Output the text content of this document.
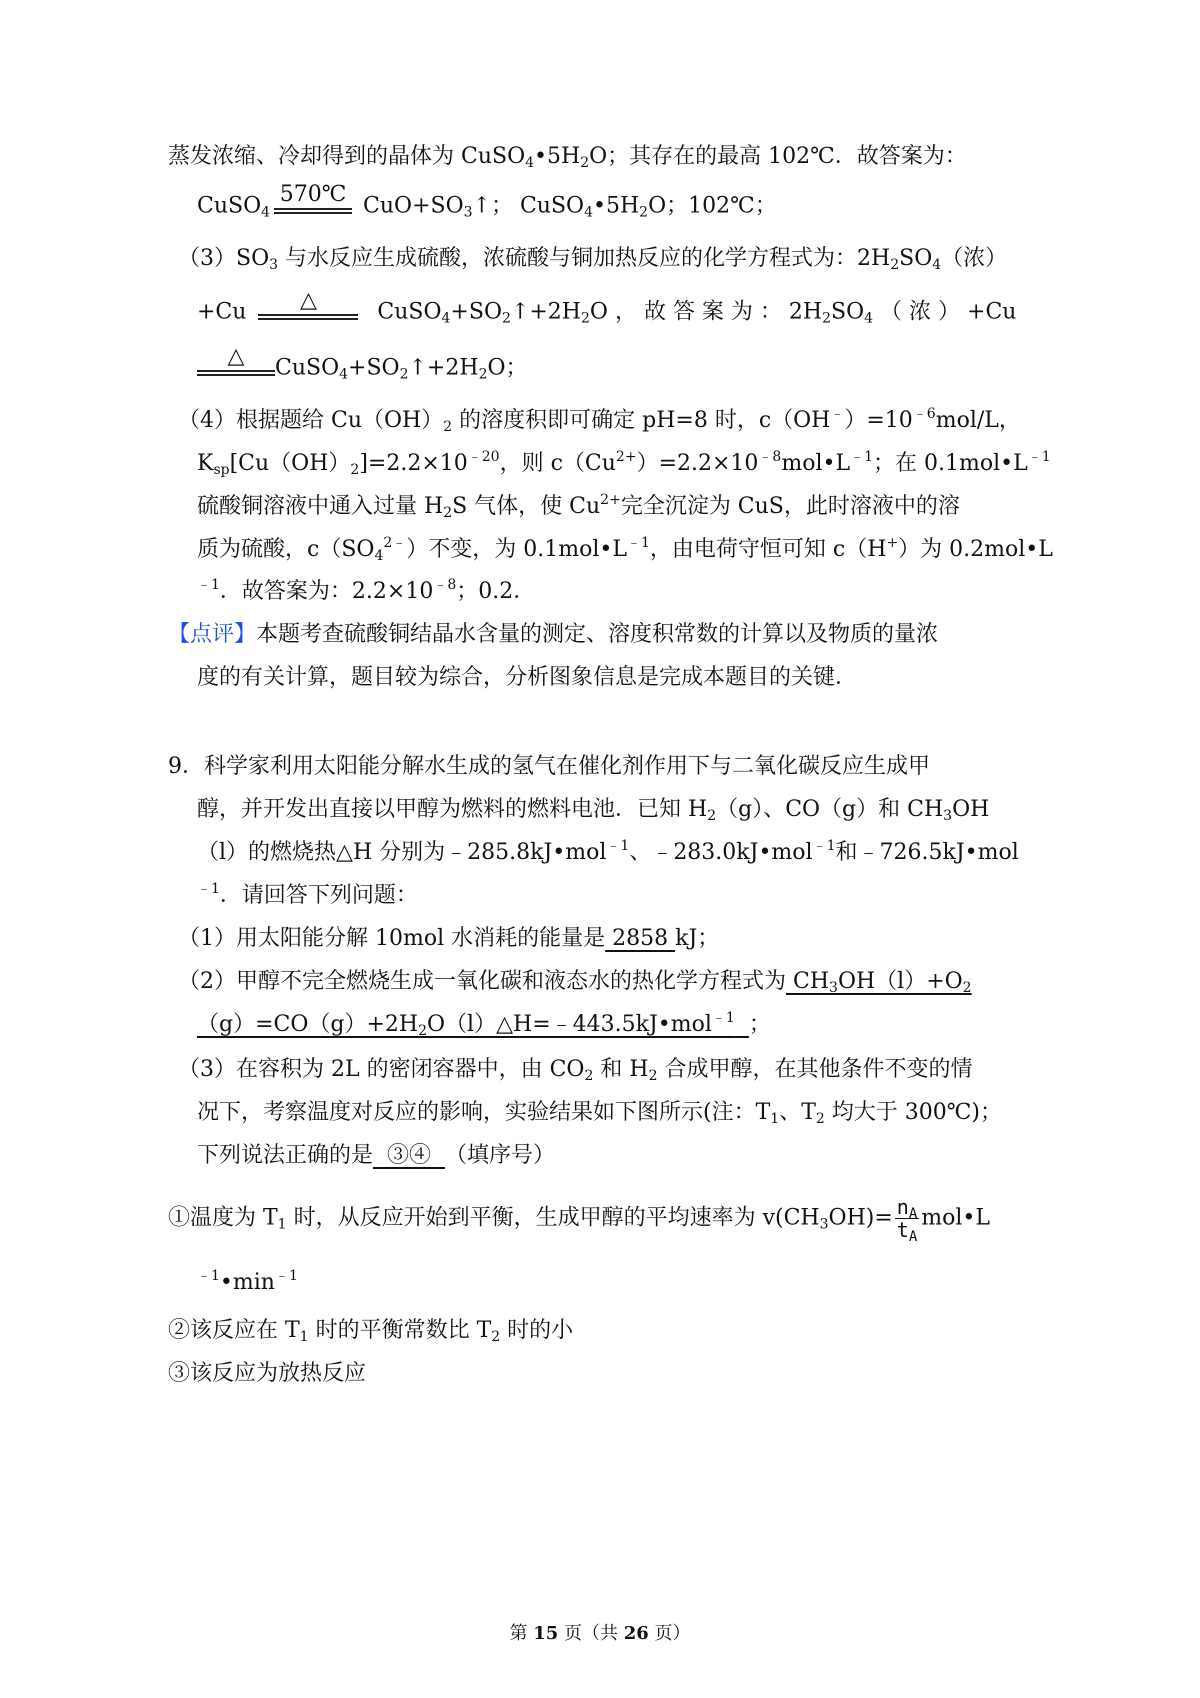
蒸发浓缩、冷却得到的晶体为 $CuSO_4•5H_2O$；其存在的最高 102℃．故答案为：
CuSO$_4$
570℃ $CuO+SO_3↑$； $CuSO_4•5H_2O$；102℃；
$(3)SO_3$ 与水反应生成硫酸，浓硫酸与铜加热反应的化学方程式为：$2H_2SO_4$（浓）
+Cu	△	$CuSO_4+SO_2↑+2H_2O$ ， 故 答 案 为 ： $2H_2SO_4$ （ 浓 ） +Cu
△	$CuSO_4+SO_2↑+2H_2O$；
（4）根据题给 $Cu(OH)_2$ 的溶度积即可确定 pH=8 时，$c(OH^﹣)=10^{﹣6}mol/L$，
$K_{sp}[Cu(OH)_2]=2.2\times 10^{﹣20}$，则 $c(Cu^{2+})=2.2\times 10^{﹣8}mol•L^{﹣1}$；在 $0.1mol•L^{﹣1}$
硫酸铜溶液中通入过量 $H_2S$ 气体，使 $Cu^{2+}$完全沉淀为 CuS，此时溶液中的溶
质为硫酸，$c(SO_4^{2﹣})$不变，为 $0.1mol•L^{﹣1}$，由电荷守恒可知 c（H+）为 0.2mol•L
$^{﹣1}$．故答案为：$2.2\times 10^{﹣8}$；0.2．
【点评】本题考查硫酸铜结晶水含量的测定、溶度积常数的计算以及物质的量浓
度的有关计算，题目较为综合，分析图象信息是完成本题目的关键．
9．科学家利用太阳能分解水生成的氢气在催化剂作用下与二氧化碳反应生成甲
醇，并开发出直接以甲醇为燃料的燃料电池．已知 $H_2(g)$、CO（g）和 $CH_3OH$
（l）的燃烧热△H 分别为﹣285.8kJ•mol$^{﹣1}$、﹣283.0kJ•mol$^{﹣1}$和﹣726.5kJ•mol
$^{﹣1}$．请回答下列问题：
（1）用太阳能分解 10mol 水消耗的能量是 2858 kJ；
（2）甲醇不完全燃烧生成一氧化碳和液态水的热化学方程式为 $CH_3OH(l)+O_2$
$(g)=CO(g)+2H_2O(l)\triangle H=﹣443.5kJ•mol^{﹣1}$ ；
（3）在容积为 2L 的密闭容器中，由 $CO_2$ 和 $H_2$ 合成甲醇，在其他条件不变的情
况下，考察温度对反应的影响，实验结果如下图所示(注：$T_1$、$T_2$ 均大于 300℃)；
下列说法正确的是  ③④  （填序号）
①温度为 $T_1$ 时，从反应开始到平衡，生成甲醇的平均速率为 $v(CH_3OH)= \frac{n_A}{t_A}$ mol•L
$^{﹣1}•\min^{﹣1}$
②该反应在 $T_1$ 时的平衡常数比 $T_2$ 时的小
③该反应为放热反应
第 15 页（共 26 页）
